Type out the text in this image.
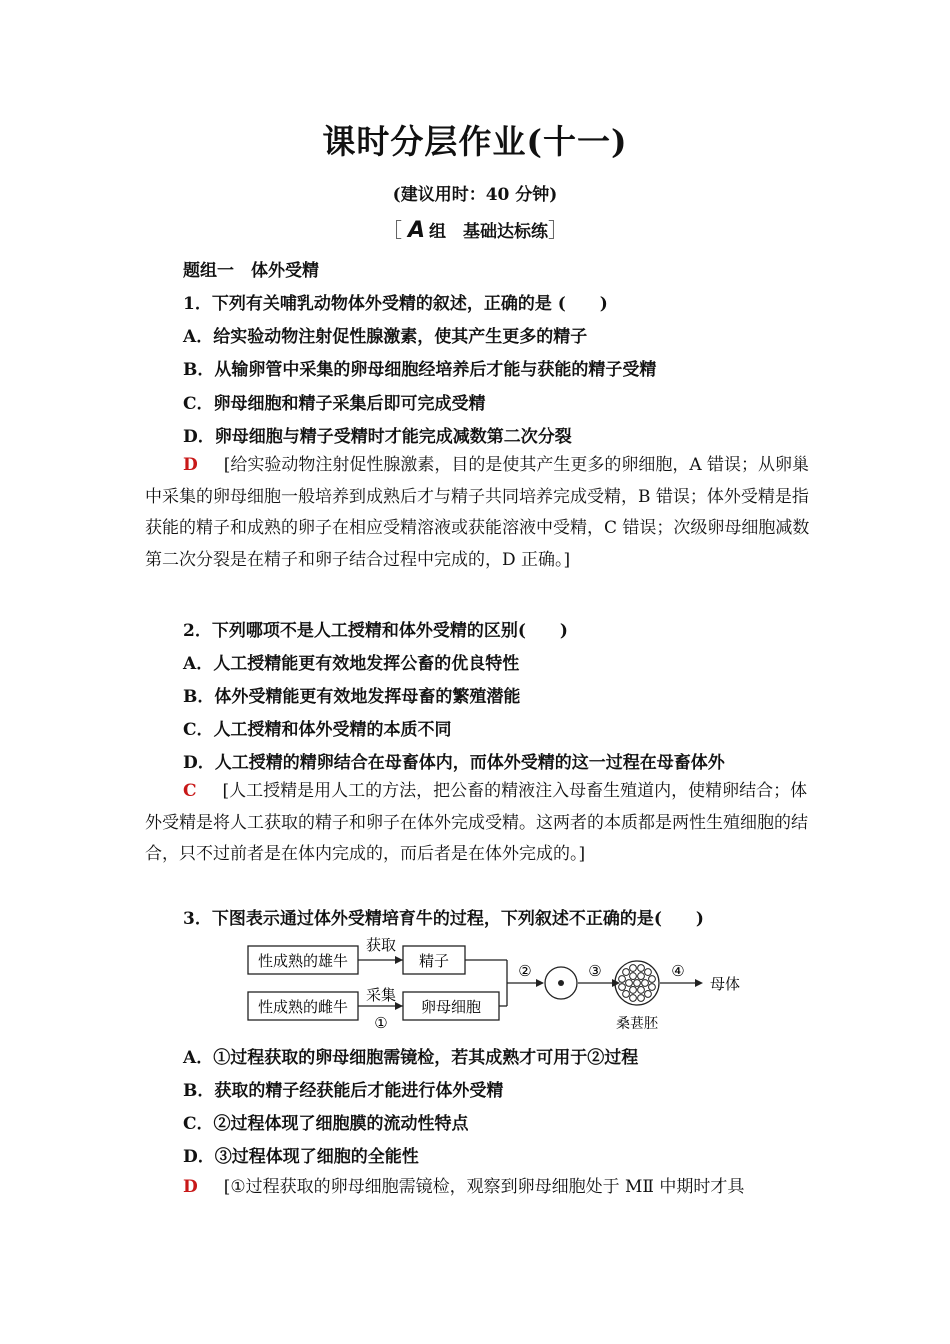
课时分层作业(十一)
(建议用时：40 分钟)
［ A 组　基础达标练］
题组一　体外受精
1．下列有关哺乳动物体外受精的叙述，正确的是 (　　)
A．给实验动物注射促性腺激素，使其产生更多的精子
B．从输卵管中采集的卵母细胞经培养后才能与获能的精子受精
C．卵母细胞和精子采集后即可完成受精
D．卵母细胞与精子受精时才能完成减数第二次分裂
D [给实验动物注射促性腺激素，目的是使其产生更多的卵细胞，A 错误；从卵巢中采集的卵母细胞一般培养到成熟后才与精子共同培养完成受精，B 错误；体外受精是指获能的精子和成熟的卵子在相应受精溶液或获能溶液中受精，C 错误；次级卵母细胞减数第二次分裂是在精子和卵子结合过程中完成的，D 正确。]
2．下列哪项不是人工授精和体外受精的区别(　　)
A．人工授精能更有效地发挥公畜的优良特性
B．体外受精能更有效地发挥母畜的繁殖潜能
C．人工授精和体外受精的本质不同
D．人工授精的精卵结合在母畜体内，而体外受精的这一过程在母畜体外
C [人工授精是用人工的方法，把公畜的精液注入母畜生殖道内，使精卵结合；体外受精是将人工获取的精子和卵子在体外完成受精。这两者的本质都是两性生殖细胞的结合，只不过前者是在体内完成的，而后者是在体外完成的。]
3．下图表示通过体外受精培育牛的过程，下列叙述不正确的是(　　)
性成熟的雄牛
获取
精子
性成熟的雌牛
采集
①
卵母细胞
②	③	④
母体
桑葚胚
A．①过程获取的卵母细胞需镜检，若其成熟才可用于②过程
B．获取的精子经获能后才能进行体外受精
C．②过程体现了细胞膜的流动性特点
D．③过程体现了细胞的全能性
D [①过程获取的卵母细胞需镜检，观察到卵母细胞处于 MⅡ 中期时才具
